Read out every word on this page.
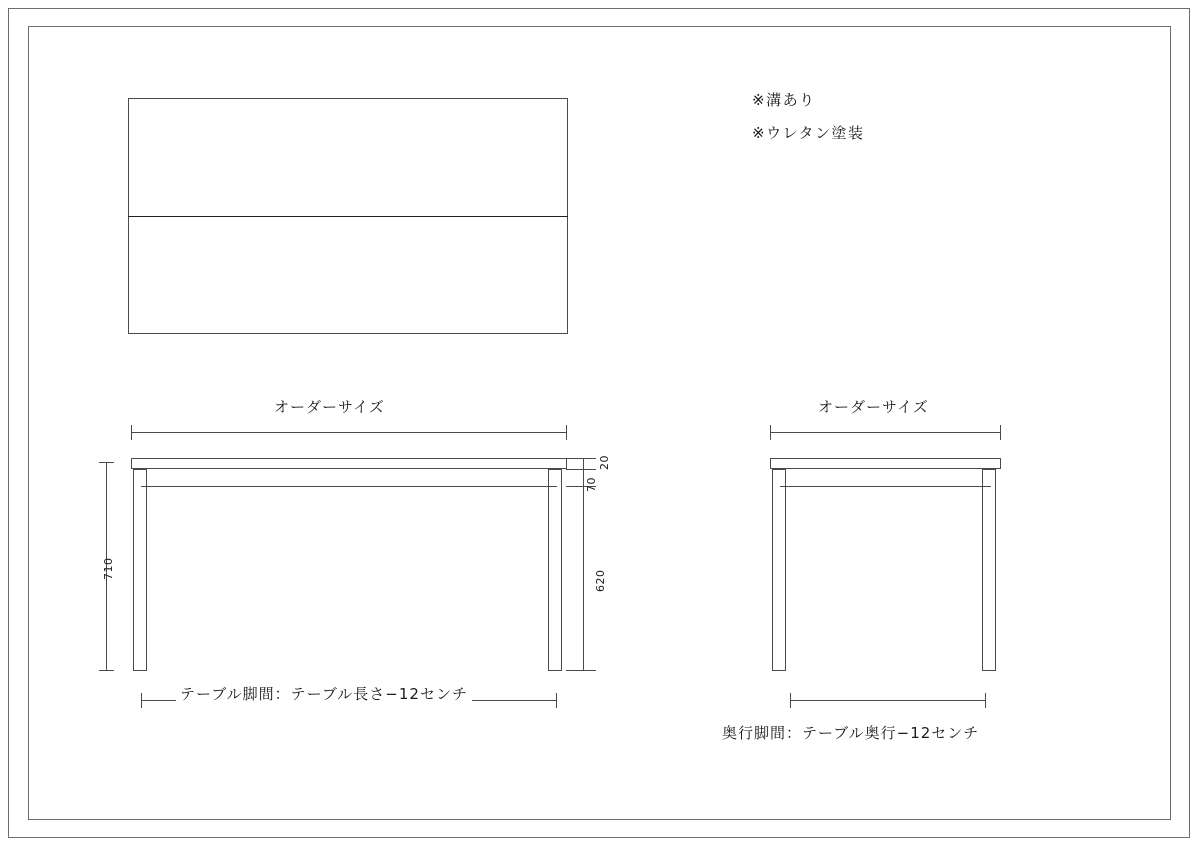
※溝あり
※ウレタン塗装
オーダーサイズ
710
20
70
620
テーブル脚間：テーブル長さ−12センチ
オーダーサイズ
奥行脚間：テーブル奥行−12センチ
